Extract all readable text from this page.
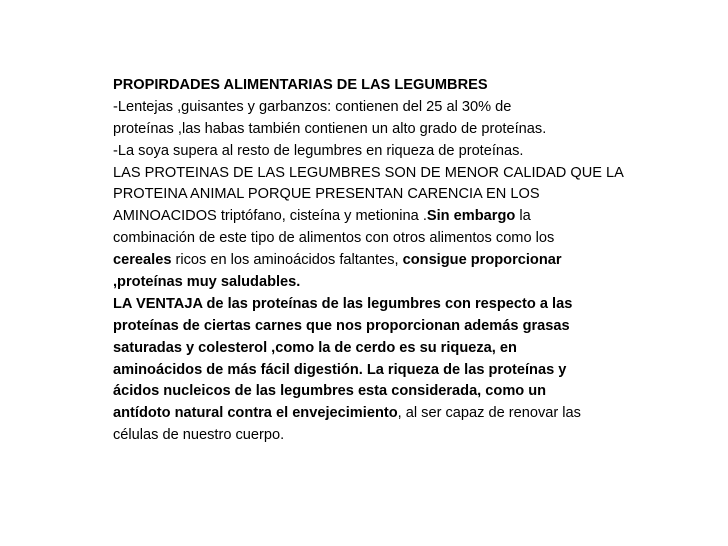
PROPIRDADES ALIMENTARIAS DE LAS LEGUMBRES
-Lentejas ,guisantes y garbanzos: contienen del 25 al 30% de
proteínas ,las habas también contienen un alto grado de proteínas.
-La soya supera al resto de legumbres en riqueza de proteínas.
LAS PROTEINAS DE LAS LEGUMBRES SON DE MENOR CALIDAD QUE LA
PROTEINA ANIMAL PORQUE PRESENTAN CARENCIA EN LOS
AMINOACIDOS triptófano, cisteína y metionina .Sin embargo la
combinación de este tipo de alimentos con otros alimentos como los
cereales ricos en los aminoácidos faltantes, consigue proporcionar
,proteínas muy saludables.
LA VENTAJA de las proteínas de las legumbres con respecto a las
proteínas de ciertas carnes que nos proporcionan además grasas
saturadas y colesterol ,como la de cerdo es su riqueza, en
aminoácidos de más fácil digestión. La riqueza de las proteínas y
ácidos nucleicos de las legumbres esta considerada, como un
antídoto natural contra el envejecimiento, al ser capaz de renovar las
células de nuestro cuerpo.
